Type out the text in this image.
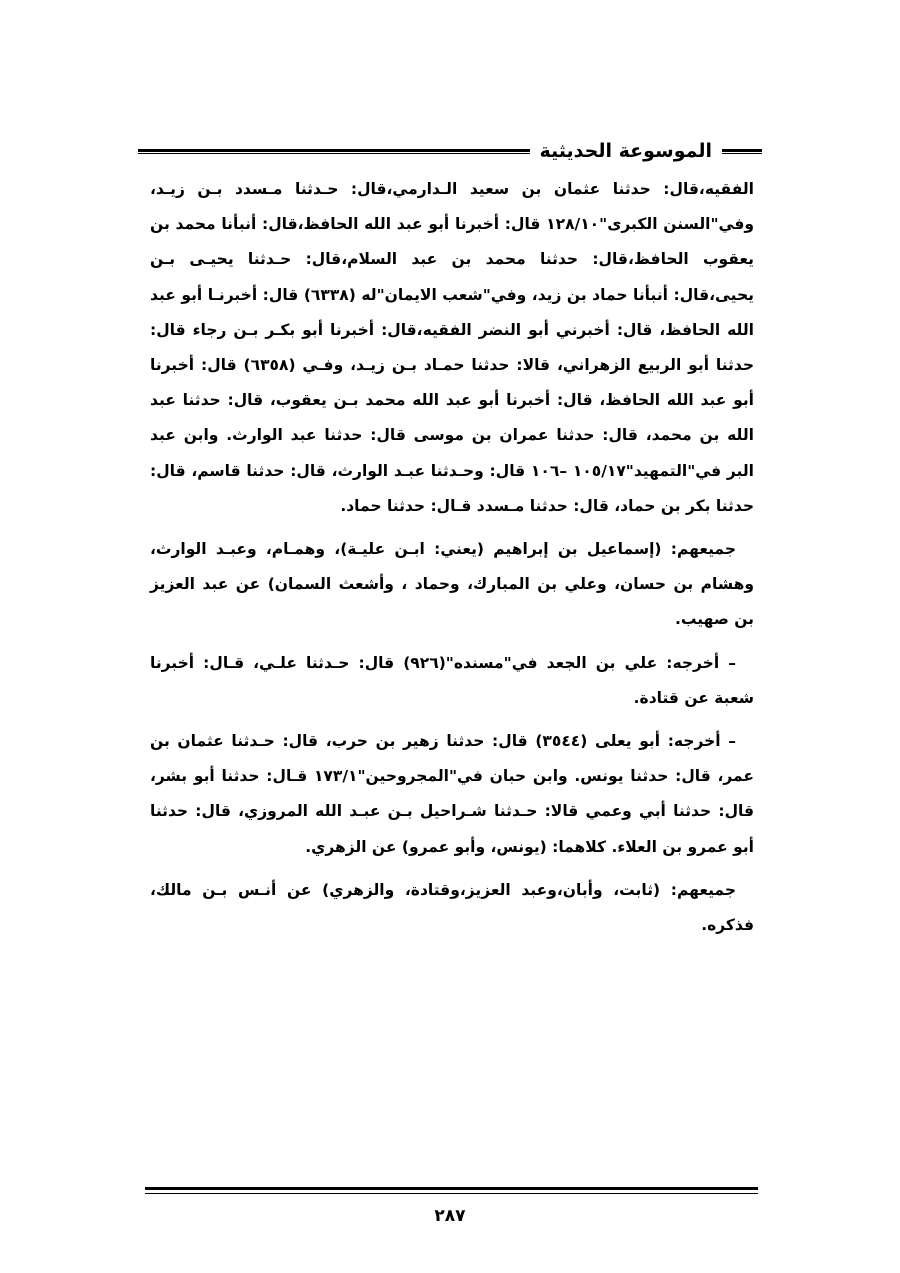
الموسوعة الحديثية

الفقيه،قال: حدثنا عثمان بن سعيد الـدارمي،قال: حـدثنا مـسدد بـن زيـد، وفي"السنن الكبرى"١٢٨/١٠ قال: أخبرنا أبو عبد الله الحافظ،قال: أنبأنا محمد بن يعقوب الحافظ،قال: حدثنا محمد بن عبد السلام،قال: حـدثنا يحيـى بـن يحيى،قال: أنبأنا حماد بن زيد، وفي"شعب الايمان"له (٦٣٣٨) قال: أخبرنـا أبو عبد الله الحافظ، قال: أخبرني أبو النضر الفقيه،قال: أخبرنا أبو بكـر بـن رجاء قال: حدثنا أبو الربيع الزهراني، قالا: حدثنا حمـاد بـن زيـد، وفـي (٦٣٥٨) قال: أخبرنا أبو عبد الله الحافظ، قال: أخبرنا أبو عبد الله محمد بـن يعقوب، قال: حدثنا عبد الله بن محمد، قال: حدثنا عمران بن موسى قال: حدثنا عبد الوارث. وابن عبد البر في"التمهيد"١٠٥/١٧ –١٠٦ قال: وحـدثنا عبـد الوارث، قال: حدثنا قاسم، قال: حدثنا بكر بن حماد، قال: حدثنا مـسدد قـال: حدثنا حماد.

جميعهم: (إسماعيل بن إبراهيم (يعني: ابـن عليـة)، وهمـام، وعبـد الوارث، وهشام بن حسان، وعلي بن المبارك، وحماد ، وأشعث السمان) عن عبد العزيز بن صهيب.

– أخرجه: علي بن الجعد في"مسنده"(٩٢٦) قال: حـدثنا علـي، قـال: أخبرنا شعبة عن قتادة.

– أخرجه: أبو يعلى (٣٥٤٤) قال: حدثنا زهير بن حرب، قال: حـدثنا عثمان بن عمر، قال: حدثنا يونس. وابن حبان في"المجروحين"١٧٣/١ قـال: حدثنا أبو بشر، قال: حدثنا أبي وعمي قالا: حـدثنا شـراحيل بـن عبـد الله المروزي، قال: حدثنا أبو عمرو بن العلاء. كلاهما: (يونس، وأبو عمرو) عن الزهري.

جميعهم: (ثابت، وأبان،وعبد العزيز،وقتادة، والزهري) عن أنـس بـن مالك، فذكره.

٢٨٧
